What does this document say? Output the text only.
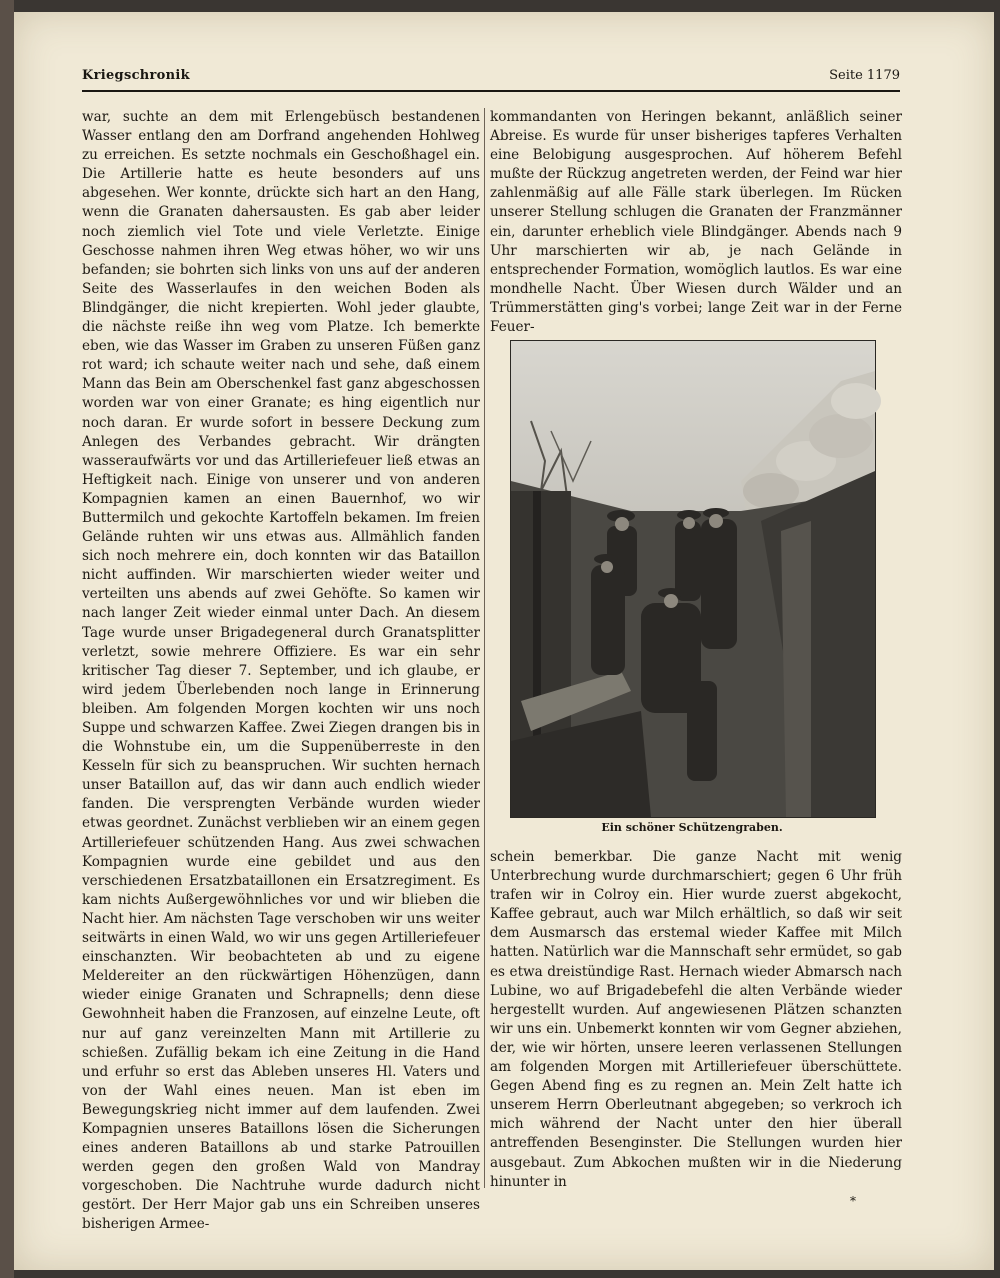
Kriegschronik	Seite 1179

war, suchte an dem mit Erlengebüsch bestandenen Wasser entlang den am Dorfrand angehenden Hohlweg zu erreichen. Es setzte nochmals ein Geschoßhagel ein. Die Artillerie hatte es heute besonders auf uns abgesehen. Wer konnte, drückte sich hart an den Hang, wenn die Granaten dahersausten. Es gab aber leider noch ziemlich viel Tote und viele Verletzte. Einige Geschosse nahmen ihren Weg etwas höher, wo wir uns befanden; sie bohrten sich links von uns auf der anderen Seite des Wasserlaufes in den weichen Boden als Blindgänger, die nicht krepierten. Wohl jeder glaubte, die nächste reiße ihn weg vom Platze. Ich bemerkte eben, wie das Wasser im Graben zu unseren Füßen ganz rot ward; ich schaute weiter nach und sehe, daß einem Mann das Bein am Oberschenkel fast ganz abgeschossen worden war von einer Granate; es hing eigentlich nur noch daran. Er wurde sofort in bessere Deckung zum Anlegen des Verbandes gebracht. Wir drängten wasseraufwärts vor und das Artilleriefeuer ließ etwas an Heftigkeit nach. Einige von unserer und von anderen Kompagnien kamen an einen Bauernhof, wo wir Buttermilch und gekochte Kartoffeln bekamen. Im freien Gelände ruhten wir uns etwas aus. Allmählich fanden sich noch mehrere ein, doch konnten wir das Bataillon nicht auffinden. Wir marschierten wieder weiter und verteilten uns abends auf zwei Gehöfte. So kamen wir nach langer Zeit wieder einmal unter Dach. An diesem Tage wurde unser Brigadegeneral durch Granatsplitter verletzt, sowie mehrere Offiziere. Es war ein sehr kritischer Tag dieser 7. September, und ich glaube, er wird jedem Überlebenden noch lange in Erinnerung bleiben. Am folgenden Morgen kochten wir uns noch Suppe und schwarzen Kaffee. Zwei Ziegen drangen bis in die Wohnstube ein, um die Suppenüberreste in den Kesseln für sich zu beanspruchen. Wir suchten hernach unser Bataillon auf, das wir dann auch endlich wieder fanden. Die versprengten Verbände wurden wieder etwas geordnet. Zunächst verblieben wir an einem gegen Artilleriefeuer schützenden Hang. Aus zwei schwachen Kompagnien wurde eine gebildet und aus den verschiedenen Ersatzbataillonen ein Ersatzregiment. Es kam nichts Außergewöhnliches vor und wir blieben die Nacht hier. Am nächsten Tage verschoben wir uns weiter seitwärts in einen Wald, wo wir uns gegen Artilleriefeuer einschanzten. Wir beobachteten ab und zu eigene Meldereiter an den rückwärtigen Höhenzügen, dann wieder einige Granaten und Schrapnells; denn diese Gewohnheit haben die Franzosen, auf einzelne Leute, oft nur auf ganz vereinzelten Mann mit Artillerie zu schießen. Zufällig bekam ich eine Zeitung in die Hand und erfuhr so erst das Ableben unseres Hl. Vaters und von der Wahl eines neuen. Man ist eben im Bewegungskrieg nicht immer auf dem laufenden. Zwei Kompagnien unseres Bataillons lösen die Sicherungen eines anderen Bataillons ab und starke Patrouillen werden gegen den großen Wald von Mandray vorgeschoben. Die Nachtruhe wurde dadurch nicht gestört. Der Herr Major gab uns ein Schreiben unseres bisherigen Armee-

kommandanten von Heringen bekannt, anläßlich seiner Abreise. Es wurde für unser bisheriges tapferes Verhalten eine Belobigung ausgesprochen. Auf höherem Befehl mußte der Rückzug angetreten werden, der Feind war hier zahlenmäßig auf alle Fälle stark überlegen. Im Rücken unserer Stellung schlugen die Granaten der Franzmänner ein, darunter erheblich viele Blindgänger. Abends nach 9 Uhr marschierten wir ab, je nach Gelände in entsprechender Formation, womöglich lautlos. Es war eine mondhelle Nacht. Über Wiesen durch Wälder und an Trümmerstätten ging's vorbei; lange Zeit war in der Ferne Feuer-

Ein schöner Schützengraben.

schein bemerkbar. Die ganze Nacht mit wenig Unterbrechung wurde durchmarschiert; gegen 6 Uhr früh trafen wir in Colroy ein. Hier wurde zuerst abgekocht, Kaffee gebraut, auch war Milch erhältlich, so daß wir seit dem Ausmarsch das erstemal wieder Kaffee mit Milch hatten. Natürlich war die Mannschaft sehr ermüdet, so gab es etwa dreistündige Rast. Hernach wieder Abmarsch nach Lubine, wo auf Brigadebefehl die alten Verbände wieder hergestellt wurden. Auf angewiesenen Plätzen schanzten wir uns ein. Unbemerkt konnten wir vom Gegner abziehen, der, wie wir hörten, unsere leeren verlassenen Stellungen am folgenden Morgen mit Artilleriefeuer überschüttete. Gegen Abend fing es zu regnen an. Mein Zelt hatte ich unserem Herrn Oberleutnant abgegeben; so verkroch ich mich während der Nacht unter den hier überall antreffenden Besenginster. Die Stellungen wurden hier ausgebaut. Zum Abkochen mußten wir in die Niederung hinunter in

*
